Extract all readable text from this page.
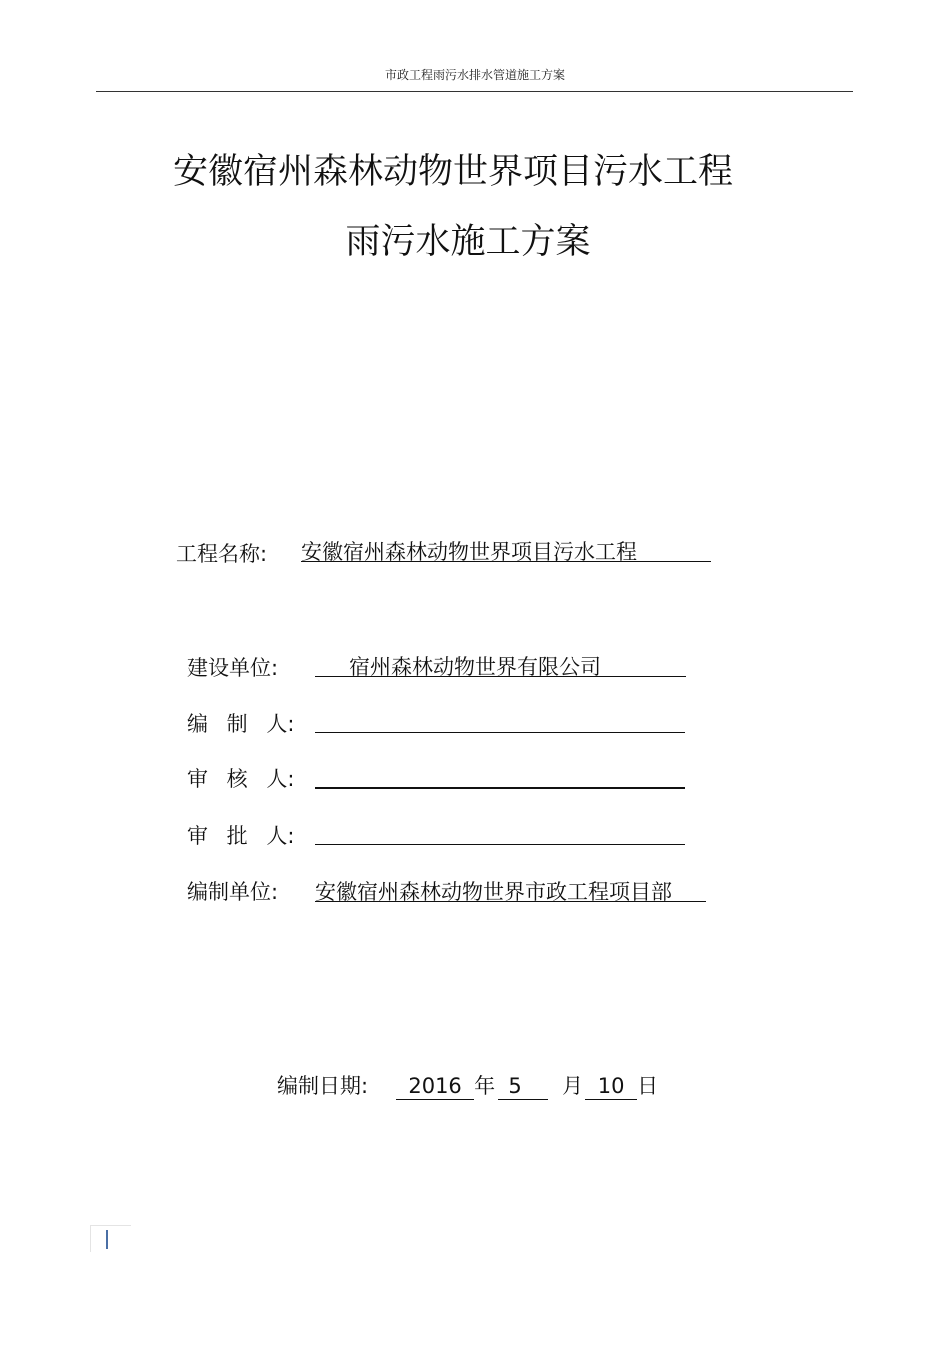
市政工程雨污水排水管道施工方案
安徽宿州森林动物世界项目污水工程
雨污水施工方案
工程名称: 安徽宿州森林动物世界项目污水工程
建设单位:	宿州森林动物世界有限公司
编 制 人:
审 核 人:
审 批 人:
编制单位: 安徽宿州森林动物世界市政工程项目部
编制日期:	2016 年 5	月 10 日
